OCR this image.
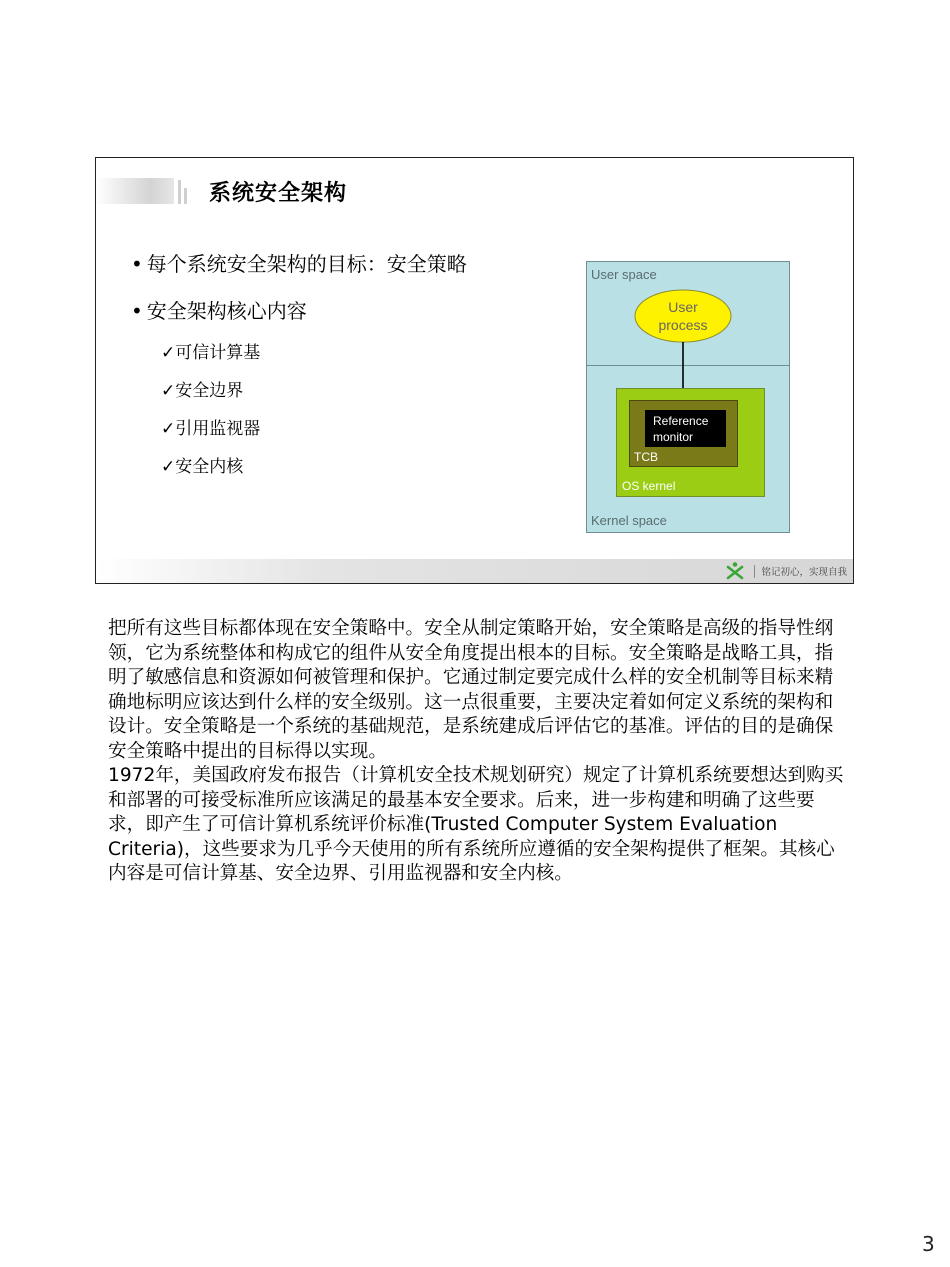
系统安全架构
• 每个系统安全架构的目标：安全策略
• 安全架构核心内容
✓可信计算基
✓安全边界
✓引用监视器
✓安全内核
User space
User
process
Reference
monitor
TCB
OS kernel
Kernel space
铭记初心，实现自我

把所有这些目标都体现在安全策略中。安全从制定策略开始，安全策略是高级的指导性纲领，它为系统整体和构成它的组件从安全角度提出根本的目标。安全策略是战略工具，指明了敏感信息和资源如何被管理和保护。它通过制定要完成什么样的安全机制等目标来精确地标明应该达到什么样的安全级别。这一点很重要，主要决定着如何定义系统的架构和设计。安全策略是一个系统的基础规范，是系统建成后评估它的基准。评估的目的是确保安全策略中提出的目标得以实现。

1972年，美国政府发布报告（计算机安全技术规划研究）规定了计算机系统要想达到购买和部署的可接受标准所应该满足的最基本安全要求。后来，进一步构建和明确了这些要求，即产生了可信计算机系统评价标准(Trusted Computer System Evaluation Criteria)，这些要求为几乎今天使用的所有系统所应遵循的安全架构提供了框架。其核心内容是可信计算基、安全边界、引用监视器和安全内核。

3
